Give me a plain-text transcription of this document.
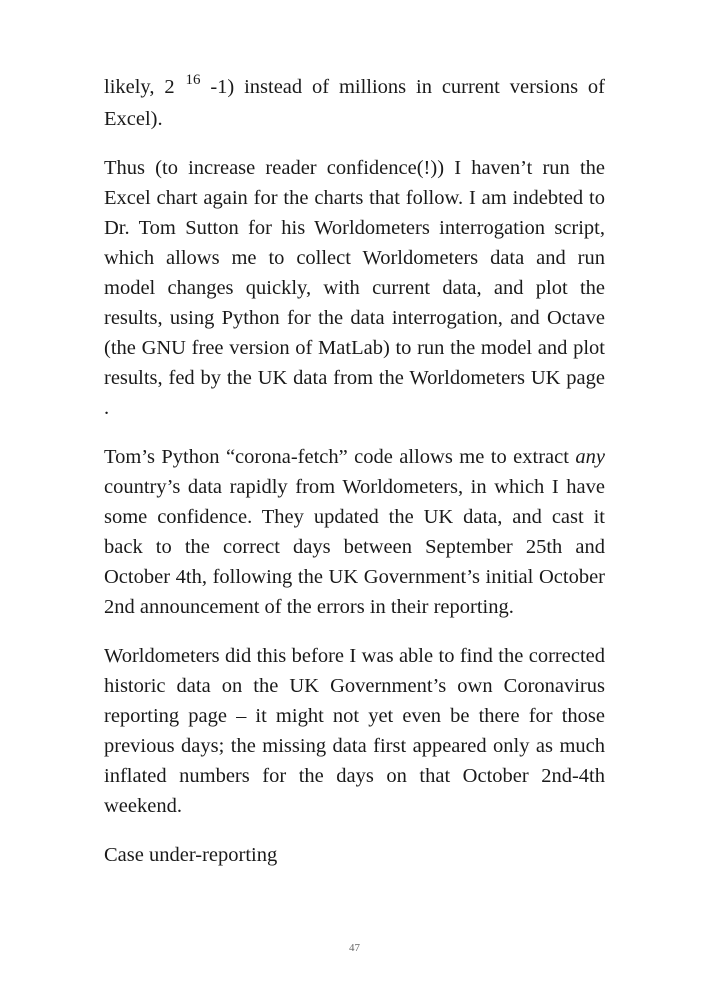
likely, 2 $^{16}$ -1) instead of millions in current versions of Excel).

Thus (to increase reader confidence(!)) I haven’t run the Excel chart again for the charts that follow. I am indebted to Dr. Tom Sutton for his Worldometers interrogation script, which allows me to collect Worldometers data and run model changes quickly, with current data, and plot the results, using Python for the data interrogation, and Octave (the GNU free version of MatLab) to run the model and plot results, fed by the UK data from the Worldometers UK page .

Tom’s Python “corona-fetch” code allows me to extract any country’s data rapidly from Worldometers, in which I have some confidence. They updated the UK data, and cast it back to the correct days between September 25th and October 4th, following the UK Government’s initial October 2nd announcement of the errors in their reporting.

Worldometers did this before I was able to find the corrected historic data on the UK Government’s own Coronavirus reporting page – it might not yet even be there for those previous days; the missing data first appeared only as much inflated numbers for the days on that October 2nd-4th weekend.

Case under-reporting

47
